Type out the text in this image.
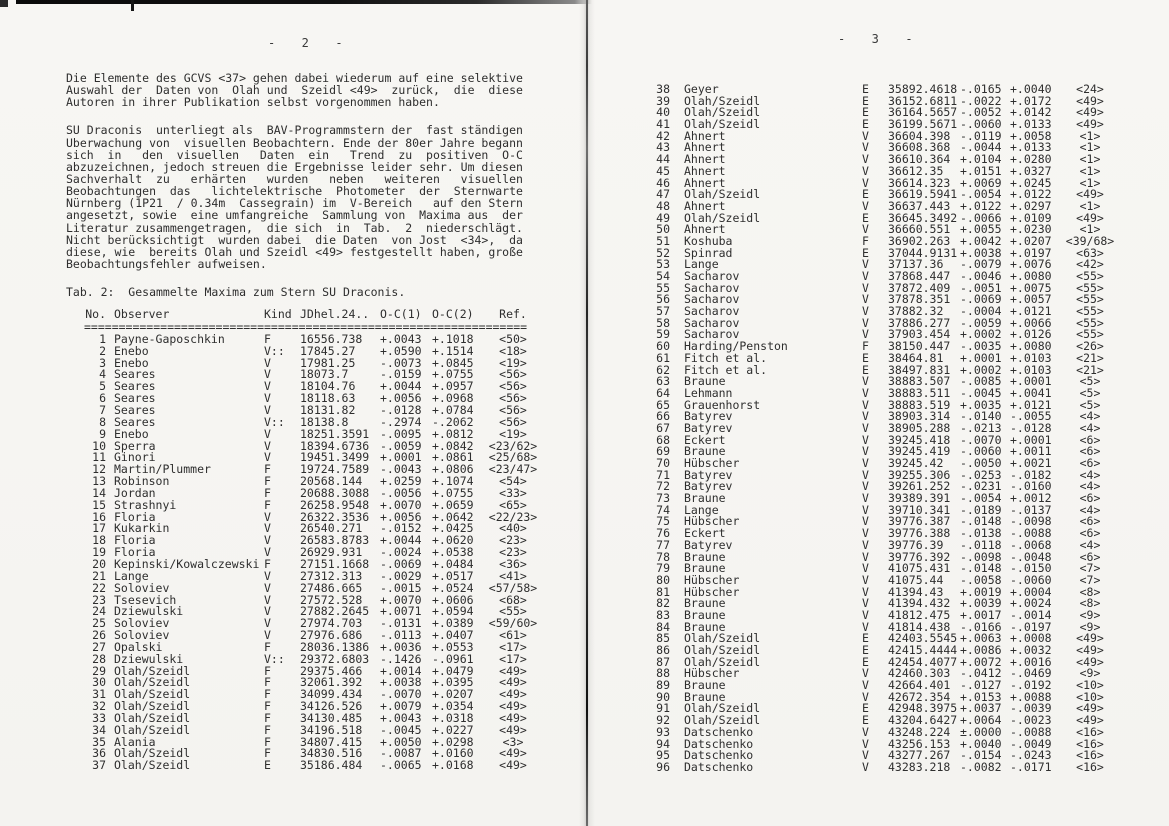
-  2  -
Die Elemente des GCVS <37> gehen dabei wiederum auf eine selektive
Auswahl der  Daten von  Olah und  Szeidl <49>  zurück,  die  diese
Autoren in ihrer Publikation selbst vorgenommen haben.
SU Draconis  unterliegt als  BAV-Programmstern der  fast ständigen
Uberwachung von  visuellen Beobachtern. Ende der 80er Jahre begann
sich  in   den  visuellen   Daten  ein   Trend  zu  positiven  O-C
abzuzeichnen, jedoch streuen die Ergebnisse leider sehr. Um diesen
Sachverhalt  zu   erhärten   wurden   neben   weiteren   visuellen
Beobachtungen  das   lichtelektrische  Photometer  der  Sternwarte
Nürnberg (1P21  / 0.34m  Cassegrain) im  V-Bereich   auf den Stern
angesetzt, sowie  eine umfangreiche  Sammlung von  Maxima aus  der
Literatur zusammengetragen,  die sich  in  Tab.  2  niederschlägt.
Nicht berücksichtigt  wurden dabei  die Daten  von Jost  <34>,  da
diese, wie  bereits Olah und Szeidl <49> festgestellt haben, große
Beobachtungsfehler aufweisen.
Tab. 2:  Gesammelte Maxima zum Stern SU Draconis.
No. Observer	Kind JDhel.24.. O-C(1) O-C(2)	Ref.
================================================================
1 Payne-Gaposchkin	F	16556.738	+.0043 +.1018	<50>
2 Enebo	V::	17845.27	+.0590 +.1514	<18>
3 Enebo	V	17981.25	-.0073 +.0845	<19>
4 Seares	V	18073.7	-.0159 +.0755	<56>
5 Seares	V	18104.76	+.0044 +.0957	<56>
6 Seares	V	18118.63	+.0056 +.0968	<56>
7 Seares	V	18131.82	-.0128 +.0784	<56>
8 Seares	V::	18138.8	-.2974 -.2062	<56>
9 Enebo	V	18251.3591 -.0095 +.0812	<19>
10 Sperra	V	18394.6736 -.0059 +.0842	<23/62>
11 Ginori	V	19451.3499 +.0001 +.0861	<25/68>
12 Martin/Plummer	F	19724.7589 -.0043 +.0806	<23/47>
13 Robinson	F	20568.144	+.0259 +.1074	<54>
14 Jordan	F	20688.3088 -.0056 +.0755	<33>
15 Strashnyi	F	26258.9548 +.0070 +.0659	<65>
16 Floria	V	26322.3536 +.0056 +.0642	<22/23>
17 Kukarkin	V	26540.271	-.0152 +.0425	<40>
18 Floria	V	26583.8783 +.0044 +.0620	<23>
19 Floria	V	26929.931	-.0024 +.0538	<23>
20 Kepinski/Kowalczewski F	27151.1668 -.0069 +.0484	<36>
21 Lange	V	27312.313	-.0029 +.0517	<41>
22 Soloviev	V	27486.665	-.0015 +.0524	<57/58>
23 Tsesevich	V	27572.528	+.0070 +.0606	<68>
24 Dziewulski	V	27882.2645 +.0071 +.0594	<55>
25 Soloviev	V	27974.703	-.0131 +.0389	<59/60>
26 Soloviev	V	27976.686	-.0113 +.0407	<61>
27 Opalski	F	28036.1386 +.0036 +.0553	<17>
28 Dziewulski	V::	29372.6803 -.1426 -.0961	<17>
29 Olah/Szeidl	F	29375.466	+.0014 +.0479	<49>
30 Olah/Szeidl	F	32061.392	+.0038 +.0395	<49>
31 Olah/Szeidl	F	34099.434	-.0070 +.0207	<49>
32 Olah/Szeidl	F	34126.526	+.0079 +.0354	<49>
33 Olah/Szeidl	F	34130.485	+.0043 +.0318	<49>
34 Olah/Szeidl	F	34196.518	-.0045 +.0227	<49>
35 Alania	F	34807.415	+.0050 +.0298	<3>
36 Olah/Szeidl	F	34830.516	-.0087 +.0160	<49>
37 Olah/Szeidl	E	35186.484	-.0065 +.0168	<49>
-  3  -
38	Geyer	E	35892.4618 -.0165 +.0040	<24>
39	Olah/Szeidl	E	36152.6811 -.0022 +.0172	<49>
40	Olah/Szeidl	E	36164.5657 -.0052 +.0142	<49>
41	Olah/Szeidl	E	36199.5671 -.0060 +.0133	<49>
42	Ahnert	V	36604.398 -.0119 +.0058	<1>
43	Ahnert	V	36608.368 -.0044 +.0133	<1>
44	Ahnert	V	36610.364 +.0104 +.0280	<1>
45	Ahnert	V	36612.35	+.0151 +.0327	<1>
46	Ahnert	V	36614.323 +.0069 +.0245	<1>
47	Olah/Szeidl	E	36619.5941 -.0054 +.0122	<49>
48	Ahnert	V	36637.443 +.0122 +.0297	<1>
49	Olah/Szeidl	E	36645.3492 -.0066 +.0109	<49>
50	Ahnert	V	36660.551 +.0055 +.0230	<1>
51	Koshuba	F	36902.263 +.0042 +.0207	<39/68>
52	Spinrad	E	37044.9131 +.0038 +.0197	<63>
53	Lange	V	37137.36	-.0079 +.0076	<42>
54	Sacharov	V	37868.447 -.0046 +.0080	<55>
55	Sacharov	V	37872.409 -.0051 +.0075	<55>
56	Sacharov	V	37878.351 -.0069 +.0057	<55>
57	Sacharov	V	37882.32	-.0004 +.0121	<55>
58	Sacharov	V	37886.277 -.0059 +.0066	<55>
59	Sacharov	V	37903.454 +.0002 +.0126	<55>
60	Harding/Penston	F	38150.447 -.0035 +.0080	<26>
61	Fitch et al.	E	38464.81	+.0001 +.0103	<21>
62	Fitch et al.	E	38497.831 +.0002 +.0103	<21>
63	Braune	V	38883.507 -.0085 +.0001	<5>
64	Lehmann	V	38883.511 -.0045 +.0041	<5>
65	Grauenhorst	V	38883.519 +.0035 +.0121	<5>
66	Batyrev	V	38903.314 -.0140 -.0055	<4>
67	Batyrev	V	38905.288 -.0213 -.0128	<4>
68	Eckert	V	39245.418 -.0070 +.0001	<6>
69	Braune	V	39245.419 -.0060 +.0011	<6>
70	Hübscher	V	39245.42	-.0050 +.0021	<6>
71	Batyrev	V	39255.306 -.0253 -.0182	<4>
72	Batyrev	V	39261.252 -.0231 -.0160	<4>
73	Braune	V	39389.391 -.0054 +.0012	<6>
74	Lange	V	39710.341 -.0189 -.0137	<4>
75	Hübscher	V	39776.387 -.0148 -.0098	<6>
76	Eckert	V	39776.388 -.0138 -.0088	<6>
77	Batyrev	V	39776.39	-.0118 -.0068	<4>
78	Braune	V	39776.392 -.0098 -.0048	<6>
79	Braune	V	41075.431 -.0148 -.0150	<7>
80	Hübscher	V	41075.44	-.0058 -.0060	<7>
81	Hübscher	V	41394.43	+.0019 +.0004	<8>
82	Braune	V	41394.432 +.0039 +.0024	<8>
83	Braune	V	41812.475 +.0017 -.0014	<9>
84	Braune	V	41814.438 -.0166 -.0197	<9>
85	Olah/Szeidl	E	42403.5545 +.0063 +.0008	<49>
86	Olah/Szeidl	E	42415.4444 +.0086 +.0032	<49>
87	Olah/Szeidl	E	42454.4077 +.0072 +.0016	<49>
88	Hübscher	V	42460.303 -.0412 -.0469	<9>
89	Braune	V	42664.401 -.0127 -.0192	<10>
90	Braune	V	42672.354 +.0153 +.0088	<10>
91	Olah/Szeidl	E	42948.3975 +.0037 -.0039	<49>
92	Olah/Szeidl	E	43204.6427 +.0064 -.0023	<49>
93	Datschenko	V	43248.224 ±.0000 -.0088	<16>
94	Datschenko	V	43256.153 +.0040 -.0049	<16>
95	Datschenko	V	43277.267 -.0154 -.0243	<16>
96	Datschenko	V	43283.218 -.0082 -.0171	<16>
